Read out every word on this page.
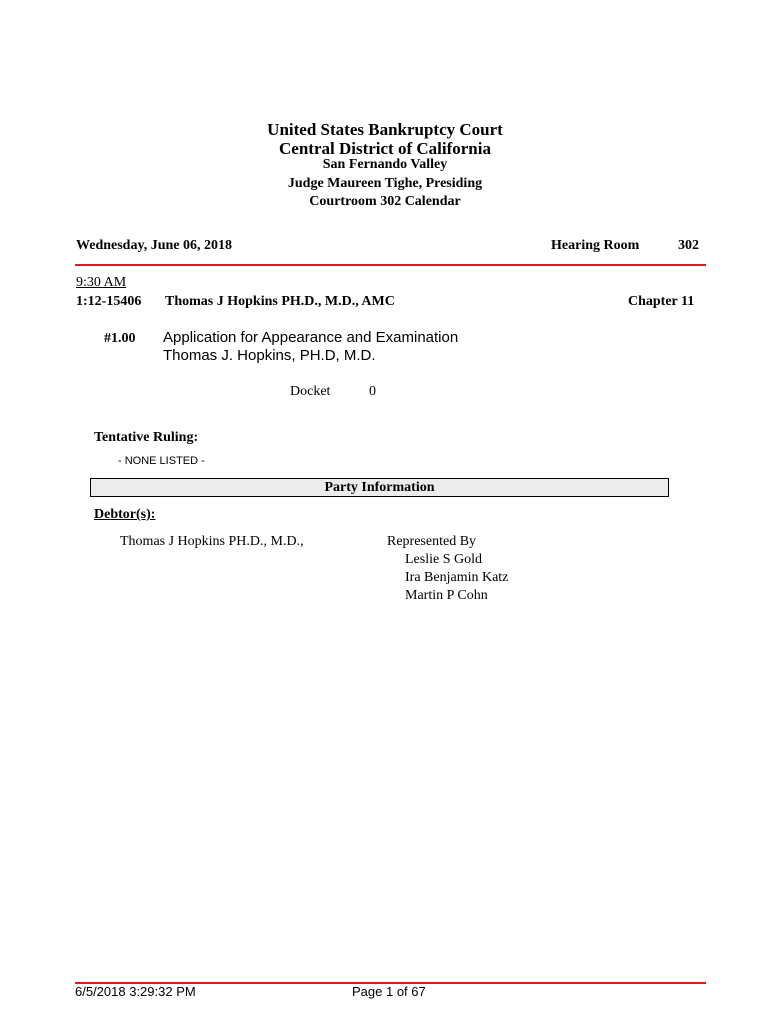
United States Bankruptcy Court
Central District of California
San Fernando Valley
Judge Maureen Tighe, Presiding
Courtroom 302 Calendar
Wednesday, June 06, 2018	Hearing Room	302
9:30 AM
1:12-15406 Thomas J Hopkins PH.D., M.D., AMC	Chapter 11
#1.00 Application for Appearance and Examination
Thomas J. Hopkins, PH.D, M.D.
Docket	0
Tentative Ruling:
- NONE LISTED -
Party Information
Debtor(s):
Thomas J Hopkins PH.D., M.D.,	Represented By
Leslie S Gold
Ira Benjamin Katz
Martin P Cohn
6/5/2018 3:29:32 PM	Page 1 of 67
